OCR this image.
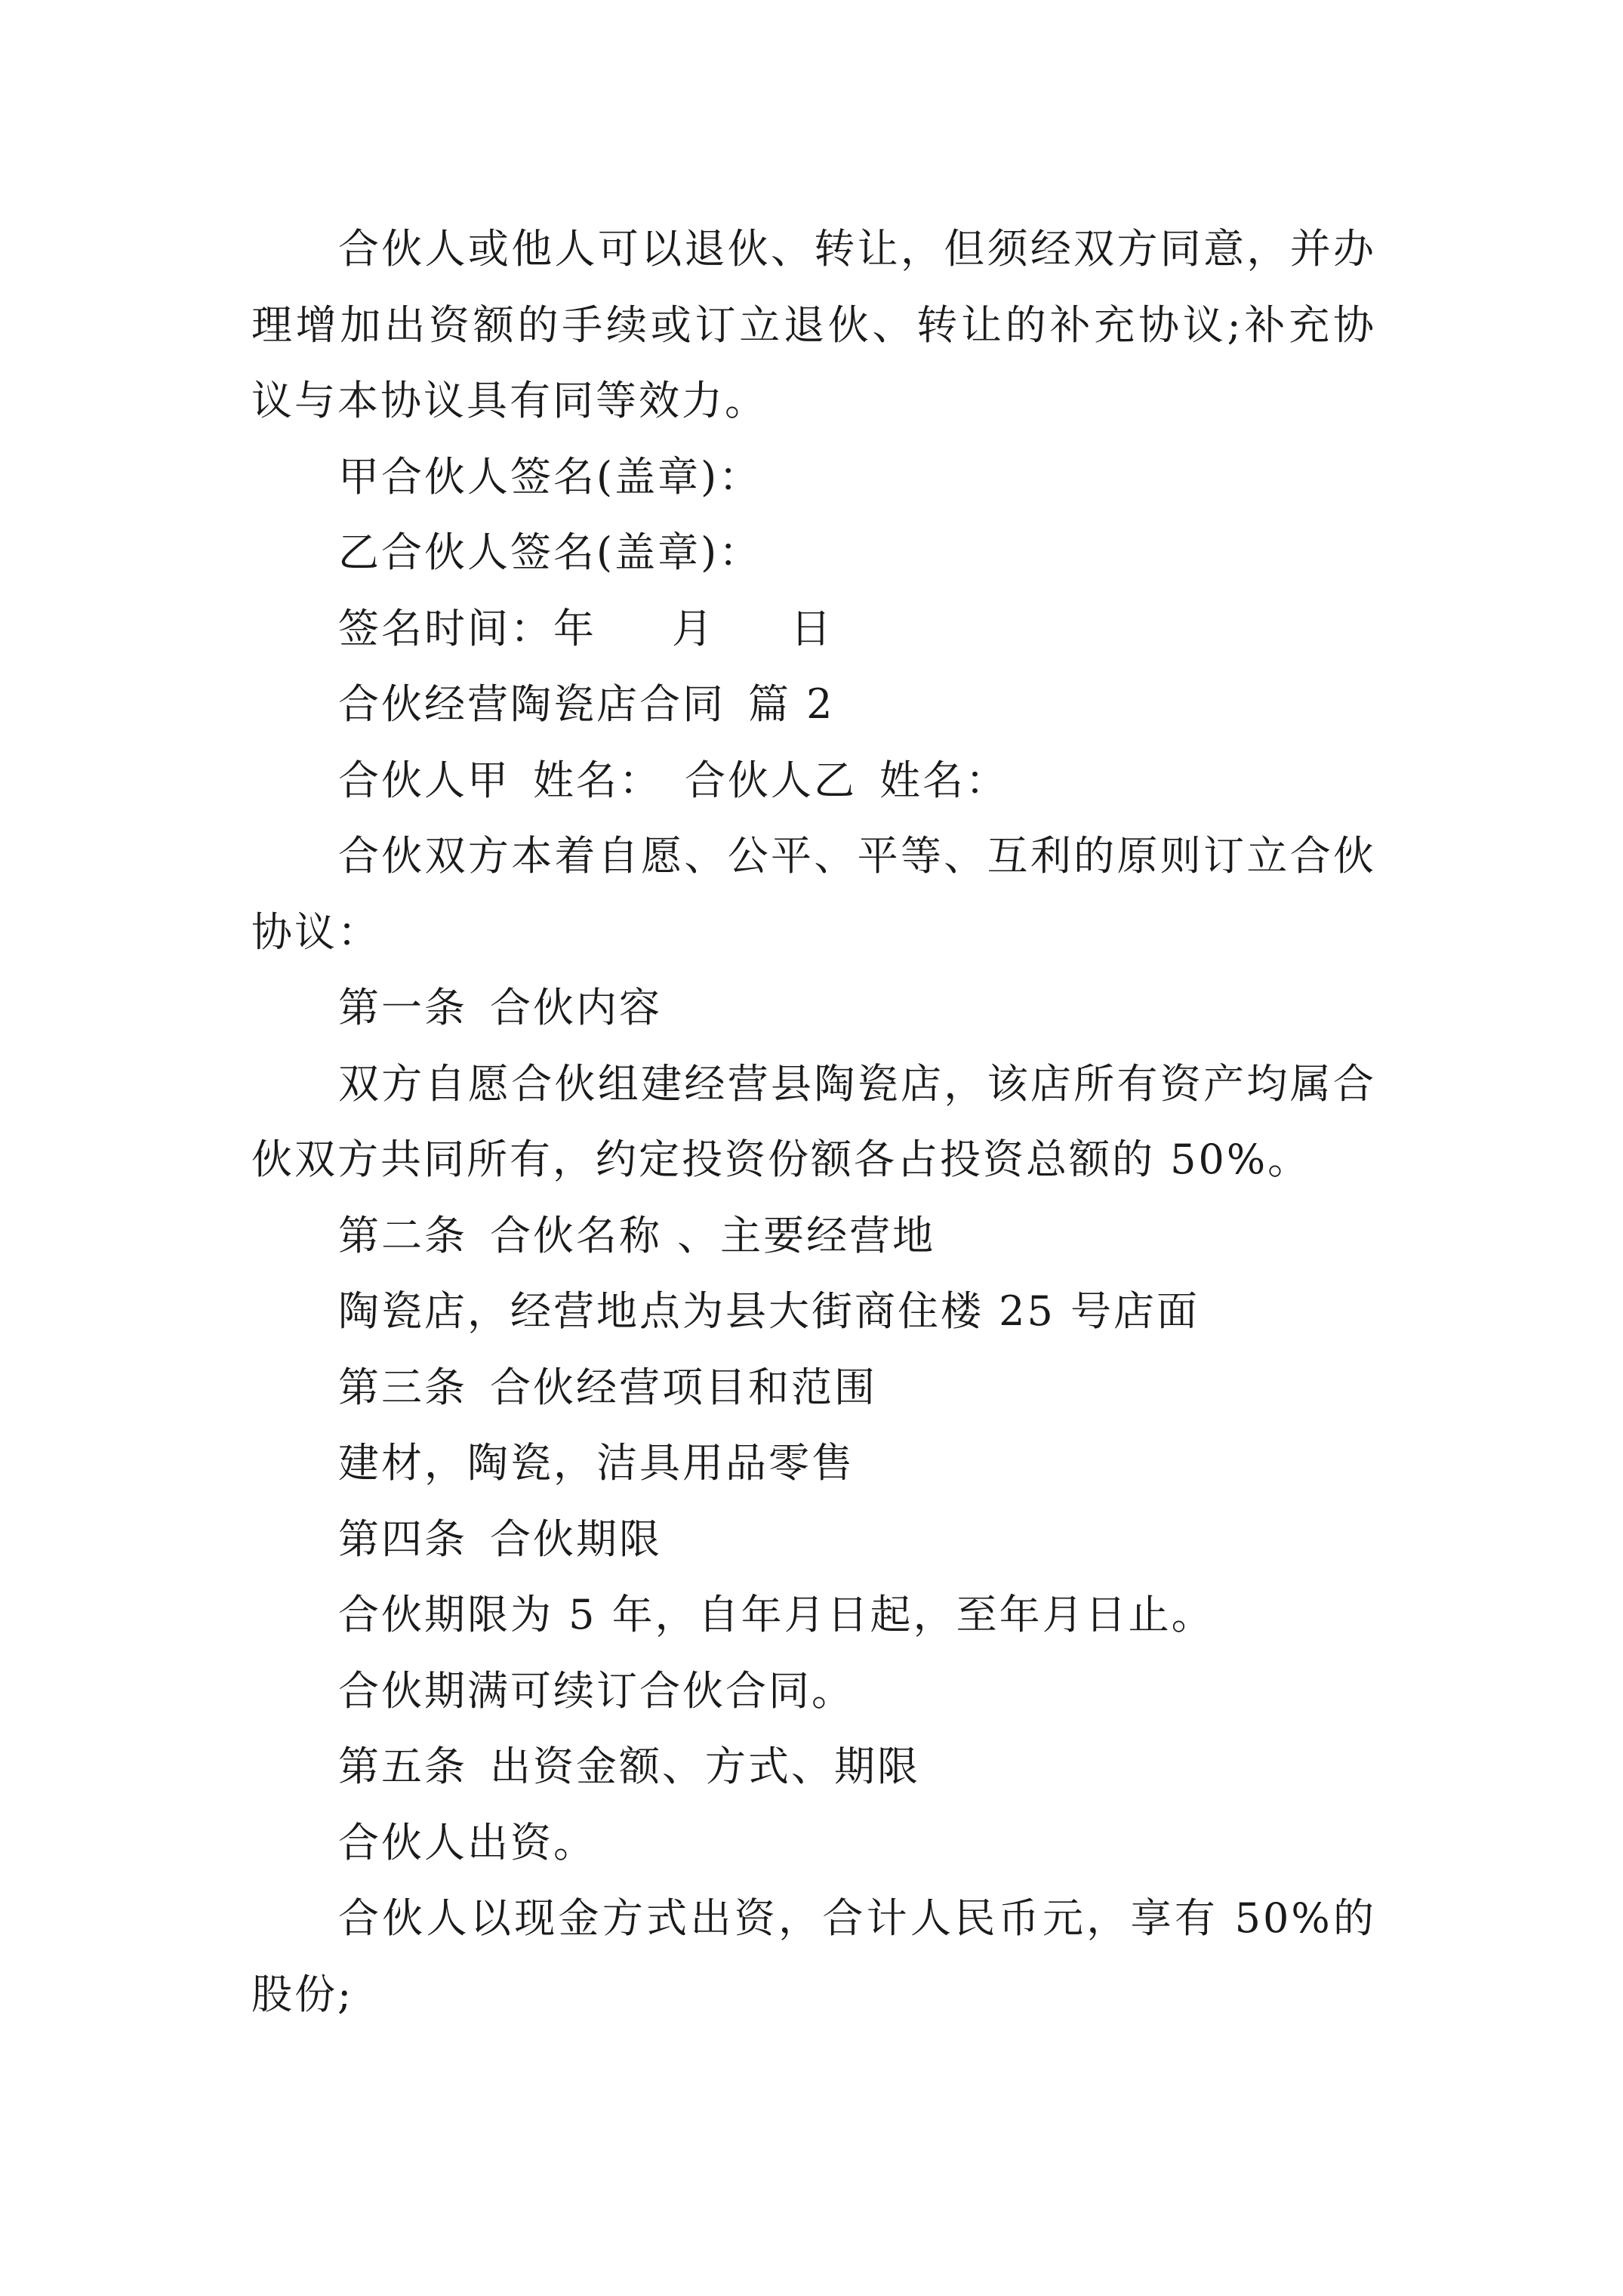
合伙人或他人可以退伙、转让，但须经双方同意，并办理增加出资额的手续或订立退伙、转让的补充协议;补充协议与本协议具有同等效力。

甲合伙人签名(盖章)：

乙合伙人签名(盖章)：

签名时间：年 月 日

合伙经营陶瓷店合同 篇 2

合伙人甲 姓名： 合伙人乙 姓名：

合伙双方本着自愿、公平、平等、互利的原则订立合伙协议：

第一条 合伙内容

双方自愿合伙组建经营县陶瓷店，该店所有资产均属合伙双方共同所有，约定投资份额各占投资总额的 50%。

第二条 合伙名称 、主要经营地

陶瓷店，经营地点为县大街商住楼 25 号店面

第三条 合伙经营项目和范围

建材，陶瓷，洁具用品零售

第四条 合伙期限

合伙期限为 5 年，自年月日起，至年月日止。

合伙期满可续订合伙合同。

第五条 出资金额、方式、期限

合伙人出资。

合伙人以现金方式出资，合计人民币元，享有 50%的股份;
